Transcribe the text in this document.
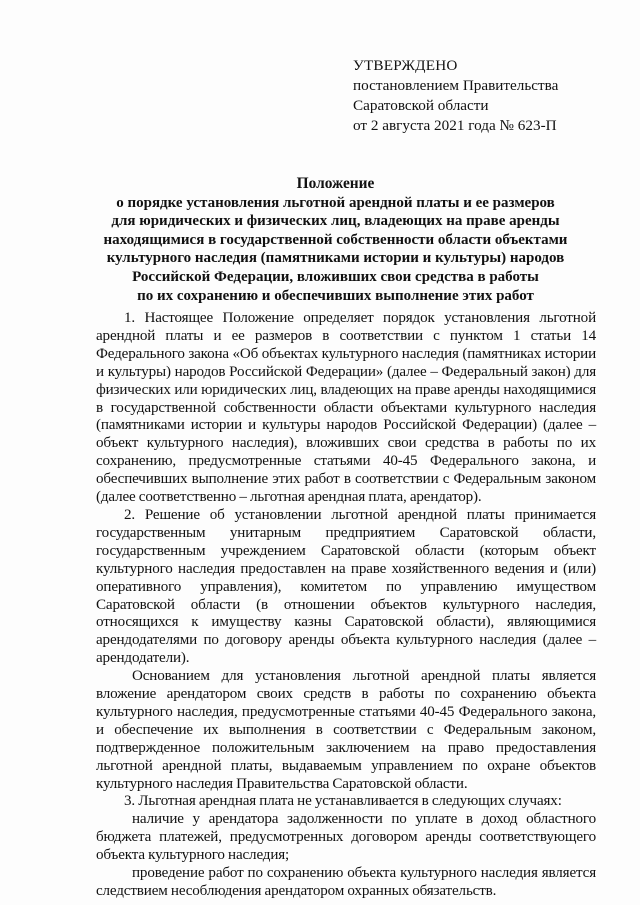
УТВЕРЖДЕНО
постановлением Правительства
Саратовской области
от 2 августа 2021 года № 623-П
Положение
о порядке установления льготной арендной платы и ее размеров
для юридических и физических лиц, владеющих на праве аренды
находящимися в государственной собственности области объектами
культурного наследия (памятниками истории и культуры) народов
Российской Федерации, вложивших свои средства в работы
по их сохранению и обеспечивших выполнение этих работ

1. Настоящее Положение определяет порядок установления льготной арендной платы и ее размеров в соответствии с пунктом 1 статьи 14 Федерального закона «Об объектах культурного наследия (памятниках истории и культуры) народов Российской Федерации» (далее – Федеральный закон) для физических или юридических лиц, владеющих на праве аренды находящимися в государственной собственности области объектами культурного наследия (памятниками истории и культуры народов Российской Федерации) (далее – объект культурного наследия), вложивших свои средства в работы по их сохранению, предусмотренные статьями 40-45 Федерального закона, и обеспечивших выполнение этих работ в соответствии с Федеральным законом (далее соответственно – льготная арендная плата, арендатор).

2. Решение об установлении льготной арендной платы принимается государственным унитарным предприятием Саратовской области, государственным учреждением Саратовской области (которым объект культурного наследия предоставлен на праве хозяйственного ведения и (или) оперативного управления), комитетом по управлению имуществом Саратовской области (в отношении объектов культурного наследия, относящихся к имуществу казны Саратовской области), являющимися арендодателями по договору аренды объекта культурного наследия (далее – арендодатели).

Основанием для установления льготной арендной платы является вложение арендатором своих средств в работы по сохранению объекта культурного наследия, предусмотренные статьями 40-45 Федерального закона, и обеспечение их выполнения в соответствии с Федеральным законом, подтвержденное положительным заключением на право предоставления льготной арендной платы, выдаваемым управлением по охране объектов культурного наследия Правительства Саратовской области.

3. Льготная арендная плата не устанавливается в следующих случаях:

наличие у арендатора задолженности по уплате в доход областного бюджета платежей, предусмотренных договором аренды соответствующего объекта культурного наследия;

проведение работ по сохранению объекта культурного наследия является следствием несоблюдения арендатором охранных обязательств.
